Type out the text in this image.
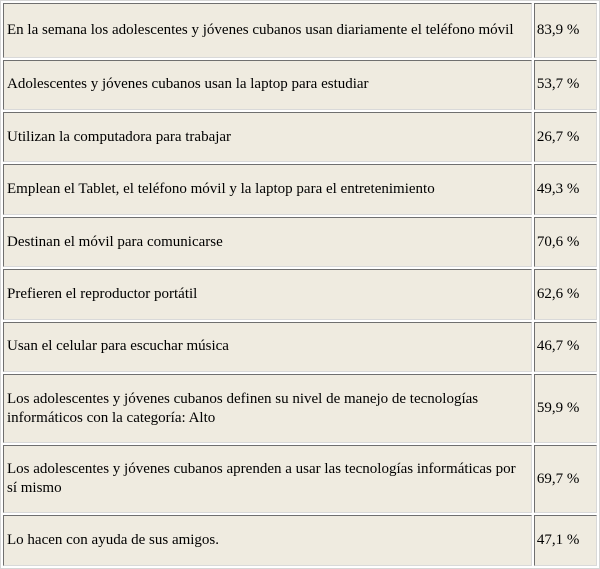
En la semana los adolescentes y jóvenes cubanos usan diariamente el teléfono móvil	83,9 %
Adolescentes y jóvenes cubanos usan la laptop para estudiar	53,7 %
Utilizan la computadora para trabajar	26,7 %
Emplean el Tablet, el teléfono móvil y la laptop para el entretenimiento	49,3 %
Destinan el móvil para comunicarse	70,6 %
Prefieren el reproductor portátil	62,6 %
Usan el celular para escuchar música	46,7 %
Los adolescentes y jóvenes cubanos definen su nivel de manejo de tecnologías informáticos con la categoría: Alto	59,9 %
Los adolescentes y jóvenes cubanos aprenden a usar las tecnologías informáticas por sí mismo	69,7 %
Lo hacen con ayuda de sus amigos.	47,1 %
